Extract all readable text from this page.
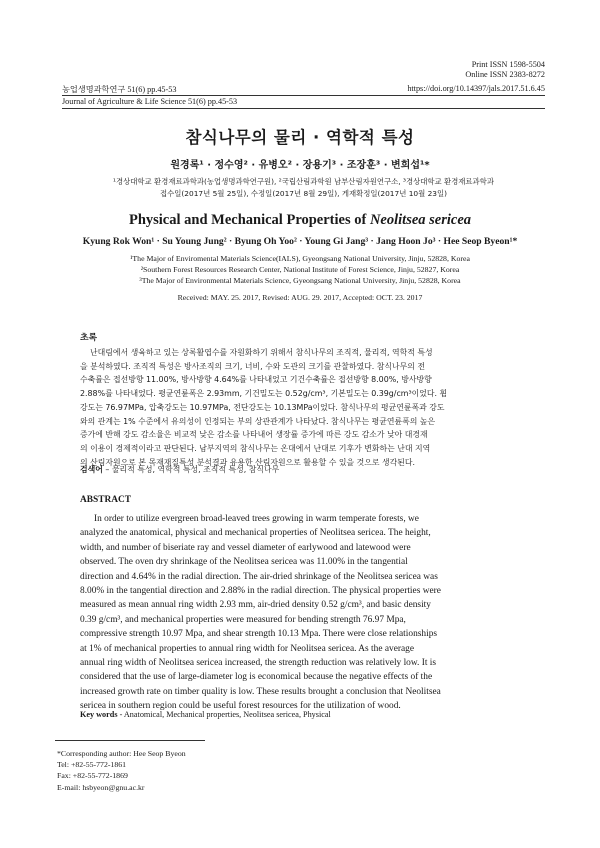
Print ISSN 1598-5504
Online ISSN 2383-8272
농업생명과학연구 51(6) pp.45-53	https://doi.org/10.14397/jals.2017.51.6.45
Journal of Agriculture & Life Science 51(6) pp.45-53
참식나무의 물리 · 역학적 특성
원경록¹ · 정수영² · 유병오² · 장용기³ · 조장훈³ · 변희섭¹*
¹경상대학교 환경재료과학과(농업생명과학연구원), ²국립산림과학원 남부산림자원연구소, ³경상대학교 환경재료과학과
접수일(2017년 5월 25일), 수정일(2017년 8월 29일), 게재확정일(2017년 10월 23일)
Physical and Mechanical Properties of Neolitsea sericea
Kyung Rok Won¹ · Su Young Jung² · Byung Oh Yoo² · Young Gi Jang³ · Jang Hoon Jo³ · Hee Seop Byeon¹*
¹The Major of Enviromental Materials Science(IALS), Gyeongsang National University, Jinju, 52828, Korea
²Southern Forest Resources Research Center, National Institute of Forest Science, Jinju, 52827, Korea
³The Major of Environmental Materials Science, Gyeongsang National University, Jinju, 52828, Korea
Received: MAY. 25. 2017, Revised: AUG. 29. 2017, Accepted: OCT. 23. 2017
초록
난대림에서 생육하고 있는 상록활엽수를 자원화하기 위해서 참식나무의 조직적, 물리적, 역학적 특성
을 분석하였다. 조직적 특성은 방사조직의 크기, 너비, 수와 도관의 크기를 관찰하였다. 참식나무의 전
수축률은 접선방향 11.00%, 방사방향 4.64%를 나타내었고 기건수축률은 접선방향 8.00%, 방사방향
2.88%를 나타내었다. 평균연륜폭은 2.93mm, 기건밀도는 0.52g/cm³, 기본밀도는 0.39g/cm³이었다. 휨
강도는 76.97MPa, 압축강도는 10.97MPa, 전단강도는 10.13MPa이었다. 참식나무의 평균연륜폭과 강도
와의 관계는 1% 수준에서 유의성이 인정되는 부의 상관관계가 나타났다. 참식나무는 평균연륜폭의 높은
증가에 반해 강도 감소율은 비교적 낮은 감소를 나타내어 생장률 증가에 따른 강도 감소가 낮아 대경재
의 이용이 경제적이라고 판단된다. 남부지역의 참식나무는 온대에서 난대로 기후가 변화하는 난대 지역
의 산림자원으로 본 목재재질특성 분석결과 유용한 산림자원으로 활용할 수 있을 것으로 생각된다.
검색어 – 물리적 특성, 역학적 특성, 조직적 특성, 참식나무
ABSTRACT
In order to utilize evergreen broad-leaved trees growing in warm temperate forests, we
analyzed the anatomical, physical and mechanical properties of Neolitsea sericea. The height,
width, and number of biseriate ray and vessel diameter of earlywood and latewood were
observed. The oven dry shrinkage of the Neolitsea sericea was 11.00% in the tangential
direction and 4.64% in the radial direction. The air-dried shrinkage of the Neolitsea sericea was
8.00% in the tangential direction and 2.88% in the radial direction. The physical properties were
measured as mean annual ring width 2.93 mm, air-dried density 0.52 g/cm³, and basic density
0.39 g/cm³, and mechanical properties were measured for bending strength 76.97 Mpa,
compressive strength 10.97 Mpa, and shear strength 10.13 Mpa. There were close relationships
at 1% of mechanical properties to annual ring width for Neolitsea sericea. As the average
annual ring width of Neolitsea sericea increased, the strength reduction was relatively low. It is
considered that the use of large-diameter log is economical because the negative effects of the
increased growth rate on timber quality is low. These results brought a conclusion that Neolitsea
sericea in southern region could be useful forest resources for the utilization of wood.
Key words - Anatomical, Mechanical properties, Neolitsea sericea, Physical
*Corresponding author: Hee Seop Byeon
Tel: +82-55-772-1861
Fax: +82-55-772-1869
E-mail: hsbyeon@gnu.ac.kr
